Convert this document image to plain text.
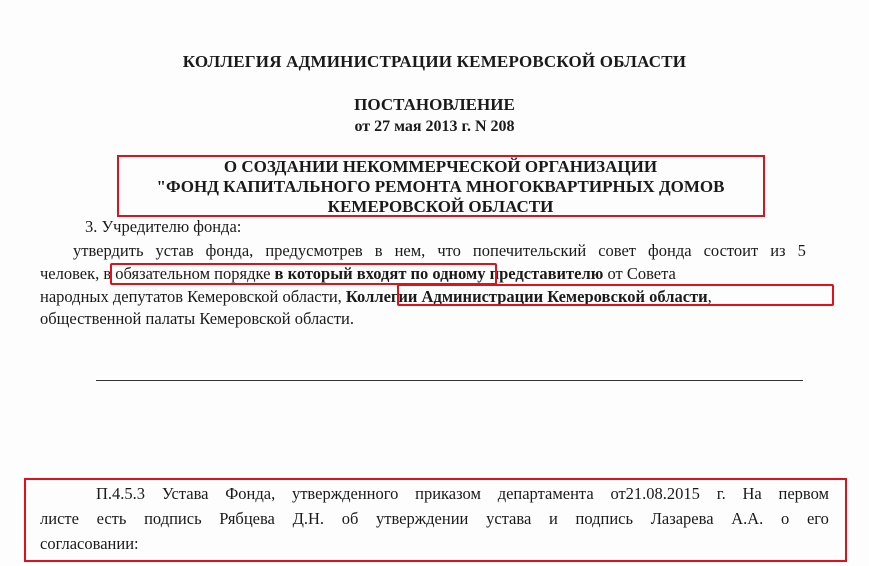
КОЛЛЕГИЯ АДМИНИСТРАЦИИ КЕМЕРОВСКОЙ ОБЛАСТИ
ПОСТАНОВЛЕНИЕ
от 27 мая 2013 г. N 208
О СОЗДАНИИ НЕКОММЕРЧЕСКОЙ ОРГАНИЗАЦИИ
"ФОНД КАПИТАЛЬНОГО РЕМОНТА МНОГОКВАРТИРНЫХ ДОМОВ
КЕМЕРОВСКОЙ ОБЛАСТИ
3. Учредителю фонда:
утвердить устав фонда, предусмотрев в нем, что попечительский совет фонда состоит из 5
человек, в обязательном порядке в который входят по одному представителю от Совета
народных депутатов Кемеровской области, Коллегии Администрации Кемеровской области,
общественной палаты Кемеровской области.
П.4.5.3 Устава Фонда, утвержденного приказом департамента от21.08.2015 г. На первом
листе есть подпись Рябцева Д.Н. об утверждении устава и подпись Лазарева А.А. о его
согласовании:
